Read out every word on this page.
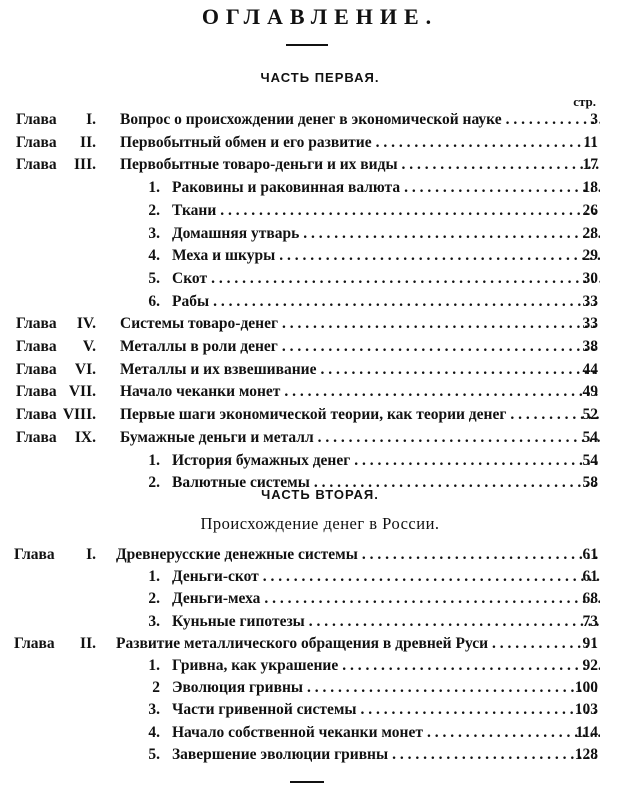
ОГЛАВЛЕНИЕ.
ЧАСТЬ ПЕРВАЯ.
стр.
Глава	I. Вопрос о происхождении денег в экономической науке . . .	3
Глава	II. Первобытный обмен и его развитие . . .	11
Глава	III. Первобытные товаро-деньги и их виды . . .	17
1. Раковины и раковинная валюта . . .	18
2. Ткани . . .	26
3. Домашняя утварь . . .	28
4. Меха и шкуры . . .	29
5. Скот . . .	30
6. Рабы . . .	33
Глава	IV. Системы товаро-денег . . .	33
Глава	V. Металлы в роли денег . . .	38
Глава	VI. Металлы и их взвешивание . . .	44
Глава VII. Начало чеканки монет . . .	49
Глава VIII. Первые шаги экономической теории, как теории денег . . .	52
Глава	IX. Бумажные деньги и металл . . .	54
1. История бумажных денег . . .	54
2. Валютные системы . . .	58
ЧАСТЬ ВТОРАЯ.
Происхождение денег в России.
Глава	I. Древнерусские денежные системы . . .	61
1. Деньги-скот . . .	61
2. Деньги-меха . . .	68
3. Куньные гипотезы . . .	73
Глава	II. Развитие металлического обращения в древней Руси . . .	91
1. Гривна, как украшение . . .	92
2 Эволюция гривны . . .	100
3. Части гривенной системы . . .	103
4. Начало собственной чеканки монет . . .	114
5. Завершение эволюции гривны . . .	128
